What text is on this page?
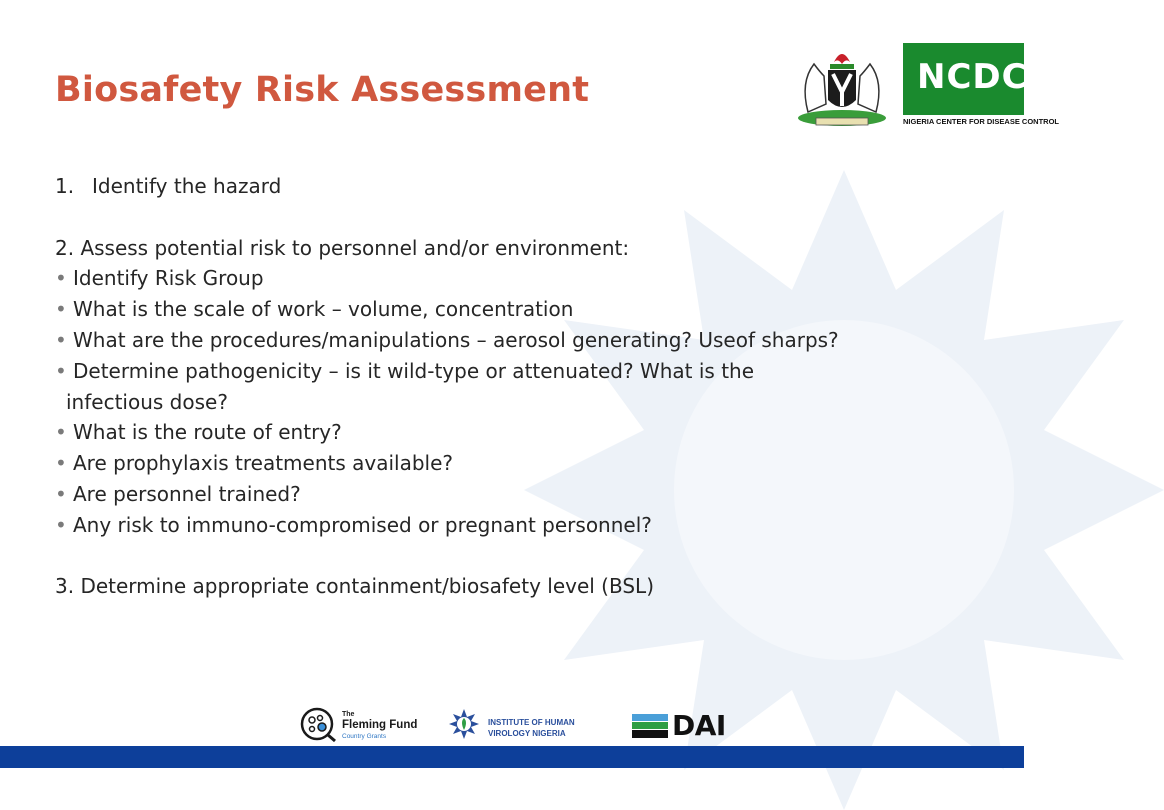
Biosafety Risk Assessment	NCDC
NIGERIA CENTER FOR DISEASE CONTROL
1. Identify the hazard
2. Assess potential risk to personnel and/or environment:
• Identify Risk Group
• What is the scale of work – volume, concentration
• What are the procedures/manipulations – aerosol generating? Useof sharps?
• Determine pathogenicity – is it wild-type or attenuated? What is the
infectious dose?
• What is the route of entry?
• Are prophylaxis treatments available?
• Are personnel trained?
• Any risk to immuno-compromised or pregnant personnel?
3. Determine appropriate containment/biosafety level (BSL)
The
Fleming Fund
Country Grants
INSTITUTE OF HUMAN
VIROLOGY NIGERIA	DAI
